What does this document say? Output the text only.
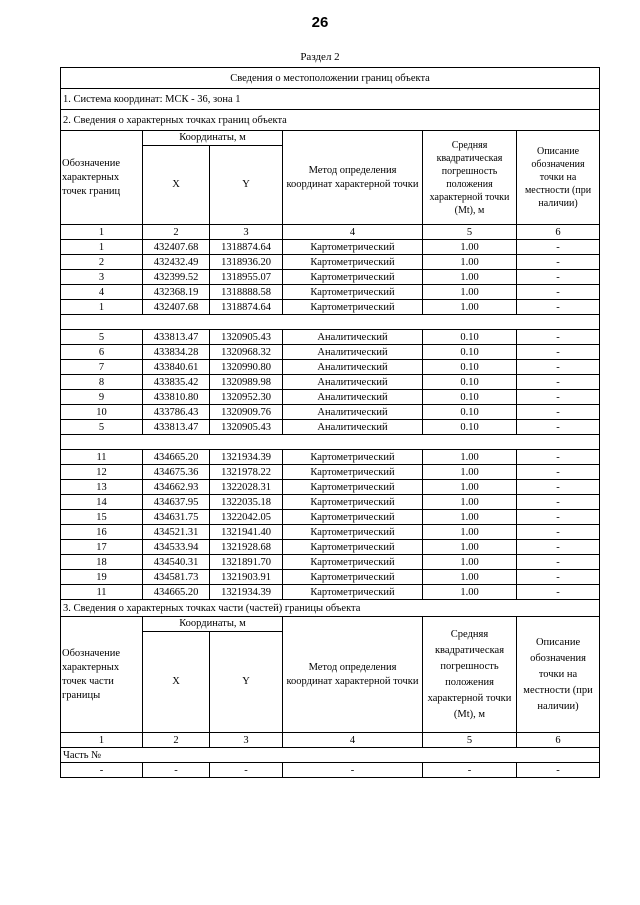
26
Раздел 2
Сведения о местоположении границ объекта					
1. Система координат: МСК - 36, зона 1					
2. Сведения о характерных точках границ объекта					
Обозначение характерных точек границ	Координаты, м		Метод определения координат характерной точки	Средняя квадратическая погрешность положения характерной точки (Mt), м	Описание обозначения точки на местности (при наличии)
	X	Y			
1	2	3	4	5	6
1	432407.68	1318874.64	Картометрический	1.00	-
2	432432.49	1318936.20	Картометрический	1.00	-
3	432399.52	1318955.07	Картометрический	1.00	-
4	432368.19	1318888.58	Картометрический	1.00	-
1	432407.68	1318874.64	Картометрический	1.00	-

5	433813.47	1320905.43	Аналитический	0.10	-
6	433834.28	1320968.32	Аналитический	0.10	-
7	433840.61	1320990.80	Аналитический	0.10	-
8	433835.42	1320989.98	Аналитический	0.10	-
9	433810.80	1320952.30	Аналитический	0.10	-
10	433786.43	1320909.76	Аналитический	0.10	-
5	433813.47	1320905.43	Аналитический	0.10	-

11	434665.20	1321934.39	Картометрический	1.00	-
12	434675.36	1321978.22	Картометрический	1.00	-
13	434662.93	1322028.31	Картометрический	1.00	-
14	434637.95	1322035.18	Картометрический	1.00	-
15	434631.75	1322042.05	Картометрический	1.00	-
16	434521.31	1321941.40	Картометрический	1.00	-
17	434533.94	1321928.68	Картометрический	1.00	-
18	434540.31	1321891.70	Картометрический	1.00	-
19	434581.73	1321903.91	Картометрический	1.00	-
11	434665.20	1321934.39	Картометрический	1.00	-
3. Сведения о характерных точках части (частей) границы объекта					
Обозначение характерных точек части границы	Координаты, м		Метод определения координат характерной точки	Средняя квадратическая погрешность положения характерной точки (Mt), м	Описание обозначения точки на местности (при наличии)
	X	Y			
1	2	3	4	5	6
Часть №					
-	-	-	-	-	-
